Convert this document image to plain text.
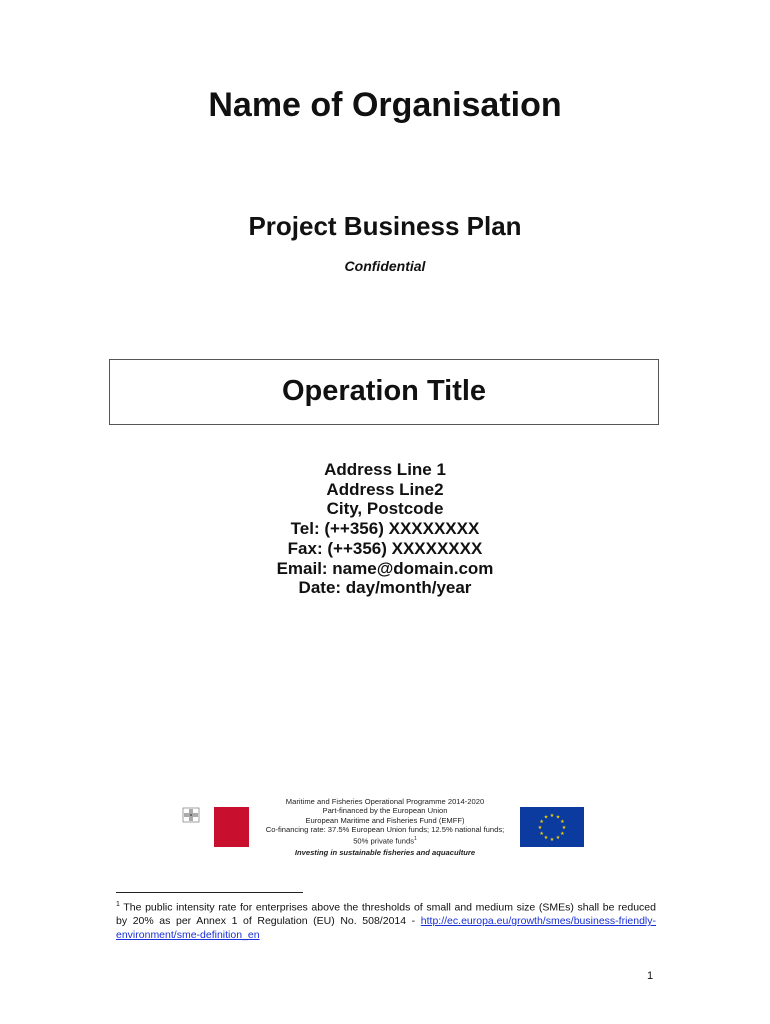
Name of Organisation
Project Business Plan
Confidential
Operation Title
Address Line 1
Address Line2
City, Postcode
Tel: (++356) XXXXXXXX
Fax: (++356) XXXXXXXX
Email: name@domain.com
Date: day/month/year
Maritime and Fisheries Operational Programme 2014-2020
Part-financed by the European Union
European Maritime and Fisheries Fund (EMFF)
Co-financing rate: 37.5% European Union funds; 12.5% national funds;
50% private funds$^1$
Investing in sustainable fisheries and aquaculture
★
★
★
★
★
★
★
★
★ ★ ★
★
$^1$ The public intensity rate for enterprises above the thresholds of small and medium size (SMEs) shall be reduced by 20% as per Annex 1 of Regulation (EU) No. 508/2014 - http://ec.europa.eu/growth/smes/business-friendly-environment/sme-definition_en
1
